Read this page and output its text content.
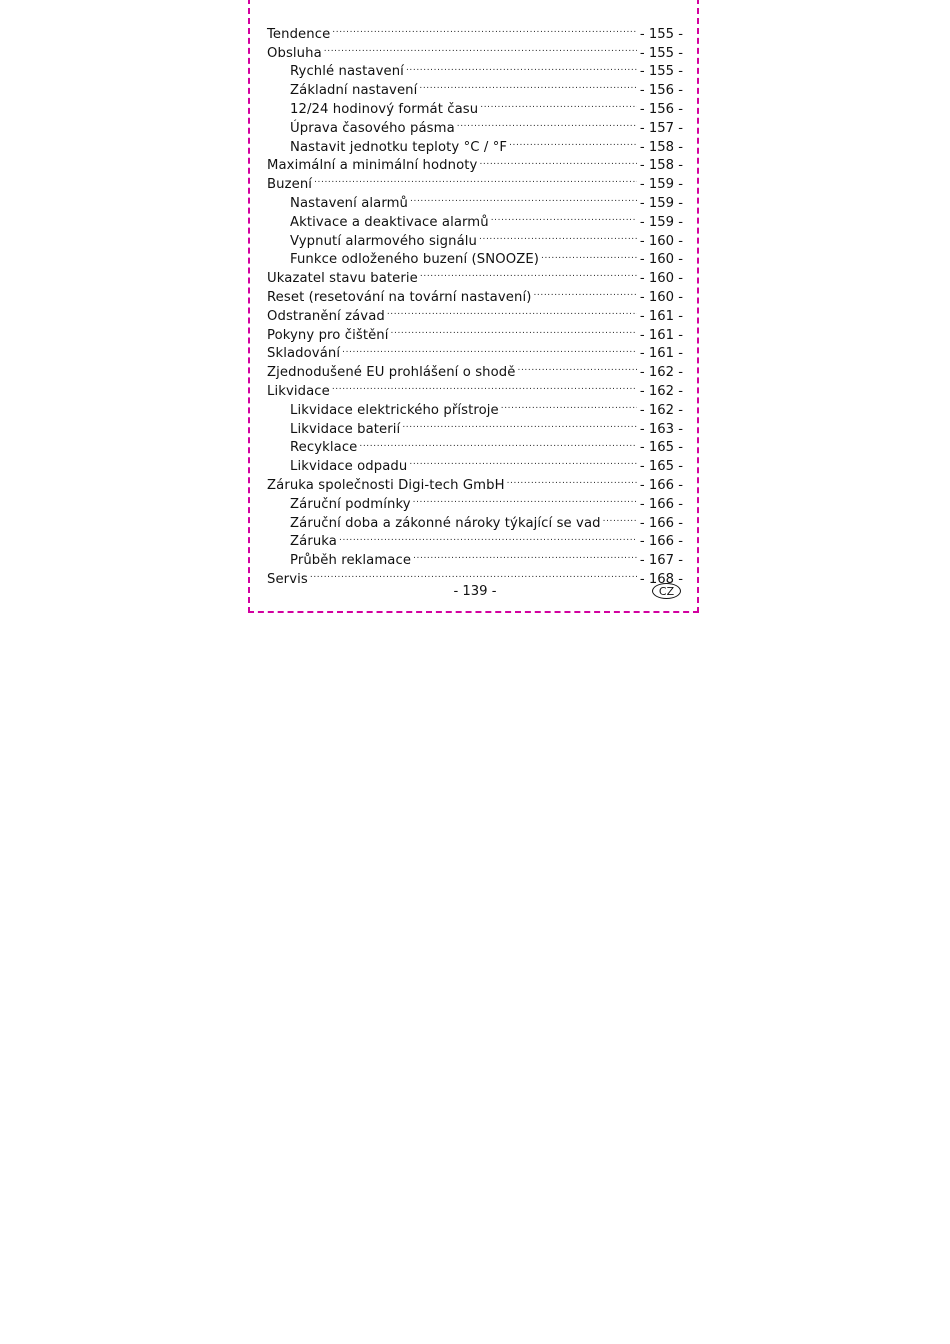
Tendence .....	- 155 -
Obsluha .....	- 155 -
Rychlé nastavení .....	- 155 -
Základní nastavení .....	- 156 -
12/24 hodinový formát času .....	- 156 -
Úprava časového pásma .....	- 157 -
Nastavit jednotku teploty °C / °F .....	- 158 -
Maximální a minimální hodnoty .....	- 158 -
Buzení .....	- 159 -
Nastavení alarmů .....	- 159 -
Aktivace a deaktivace alarmů .....	- 159 -
Vypnutí alarmového signálu .....	- 160 -
Funkce odloženého buzení (SNOOZE) .....	- 160 -
Ukazatel stavu baterie .....	- 160 -
Reset (resetování na tovární nastavení) .....	- 160 -
Odstranění závad .....	- 161 -
Pokyny pro čištění .....	- 161 -
Skladování .....	- 161 -
Zjednodušené EU prohlášení o shodě .....	- 162 -
Likvidace .....	- 162 -
Likvidace elektrického přístroje .....	- 162 -
Likvidace baterií .....	- 163 -
Recyklace .....	- 165 -
Likvidace odpadu .....	- 165 -
Záruka společnosti Digi-tech GmbH .....	- 166 -
Záruční podmínky .....	- 166 -
Záruční doba a zákonné nároky týkající se vad .....	- 166 -
Záruka .....	- 166 -
Průběh reklamace .....	- 167 -
Servis .....	- 168 -
- 139 -	CZ
